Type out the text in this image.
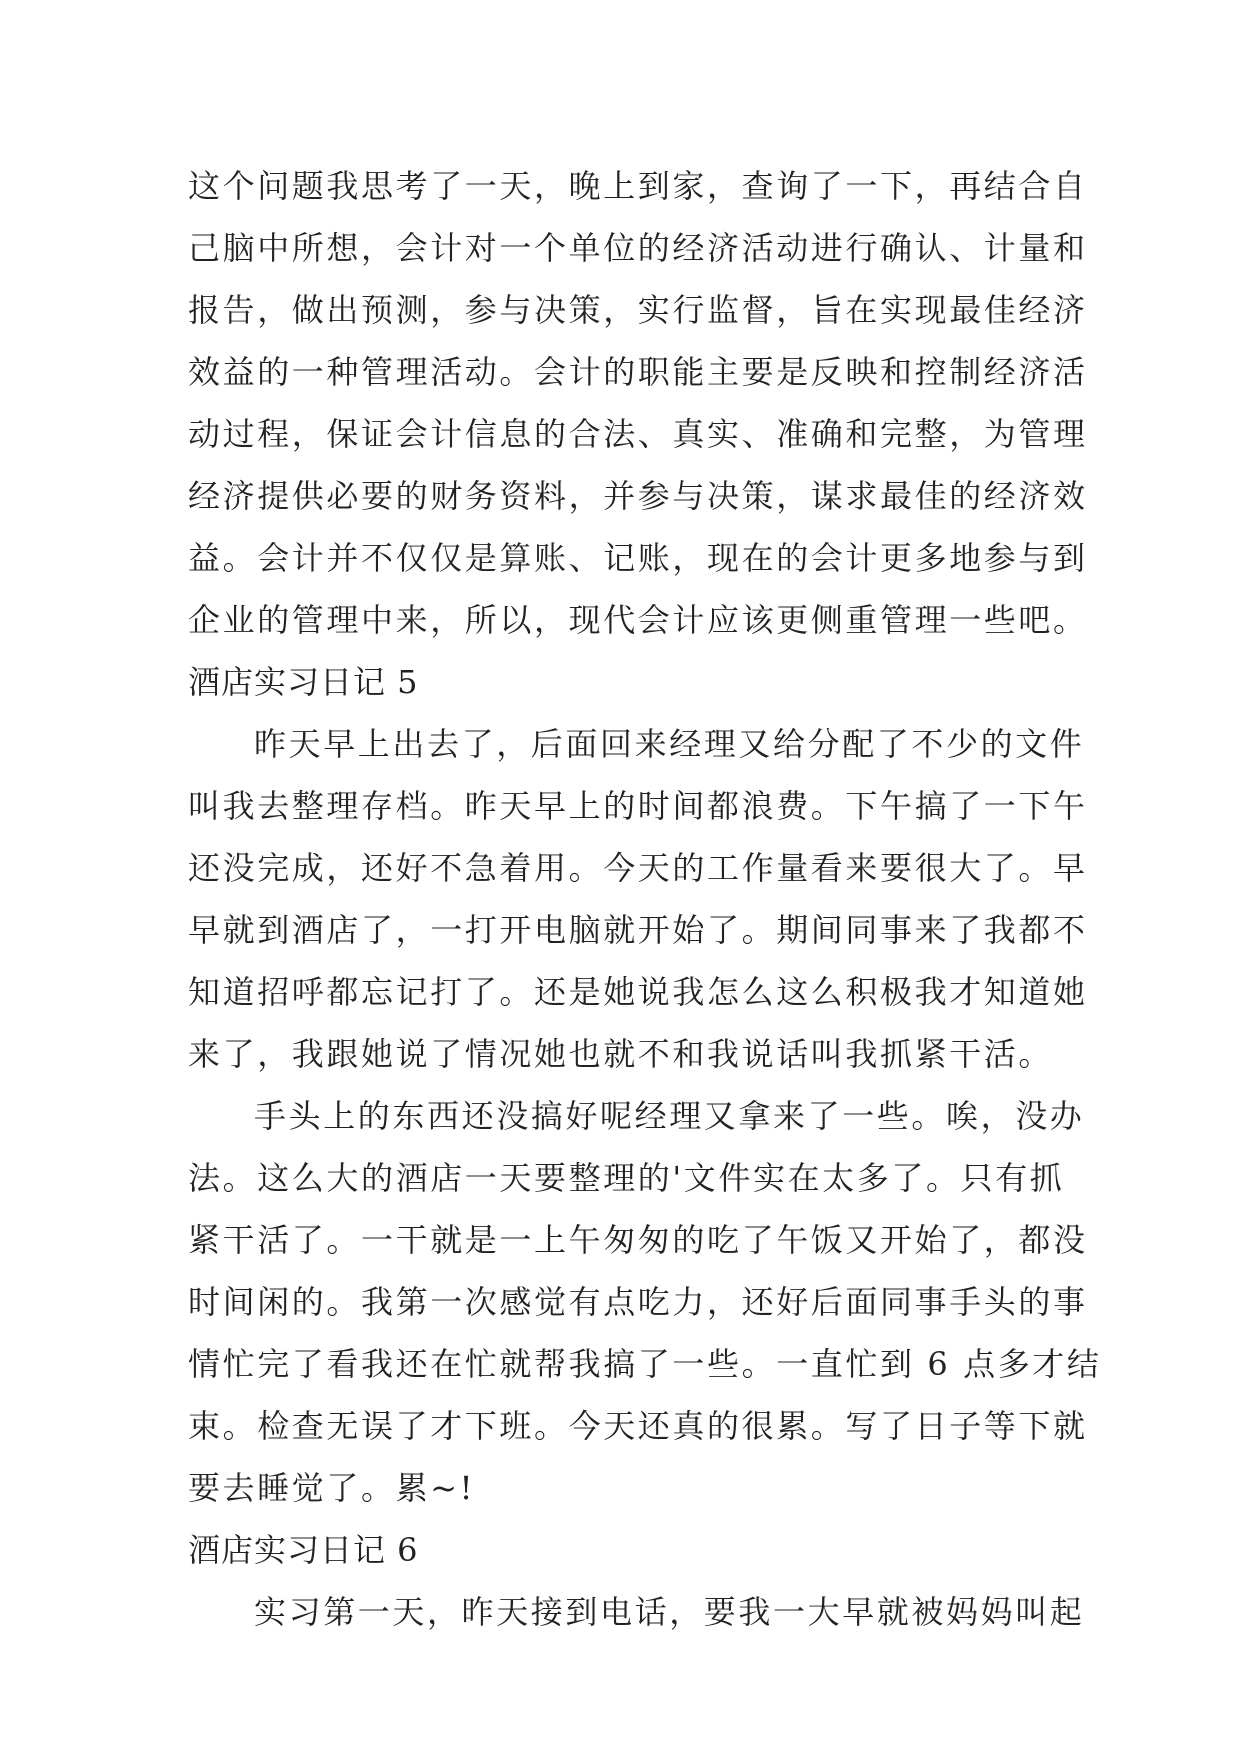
这个问题我思考了一天，晚上到家，查询了一下，再结合自
己脑中所想，会计对一个单位的经济活动进行确认、计量和
报告，做出预测，参与决策，实行监督，旨在实现最佳经济
效益的一种管理活动。会计的职能主要是反映和控制经济活
动过程，保证会计信息的合法、真实、准确和完整，为管理
经济提供必要的财务资料，并参与决策，谋求最佳的经济效
益。会计并不仅仅是算账、记账，现在的会计更多地参与到
企业的管理中来，所以，现代会计应该更侧重管理一些吧。
酒店实习日记 5
昨天早上出去了，后面回来经理又给分配了不少的文件
叫我去整理存档。昨天早上的时间都浪费。下午搞了一下午
还没完成，还好不急着用。今天的工作量看来要很大了。早
早就到酒店了，一打开电脑就开始了。期间同事来了我都不
知道招呼都忘记打了。还是她说我怎么这么积极我才知道她
来了，我跟她说了情况她也就不和我说话叫我抓紧干活。
手头上的东西还没搞好呢经理又拿来了一些。唉，没办
法。这么大的酒店一天要整理的'文件实在太多了。只有抓
紧干活了。一干就是一上午匆匆的吃了午饭又开始了，都没
时间闲的。我第一次感觉有点吃力，还好后面同事手头的事
情忙完了看我还在忙就帮我搞了一些。一直忙到 6 点多才结
束。检查无误了才下班。今天还真的很累。写了日子等下就
要去睡觉了。累~!
酒店实习日记 6
实习第一天，昨天接到电话，要我一大早就被妈妈叫起
